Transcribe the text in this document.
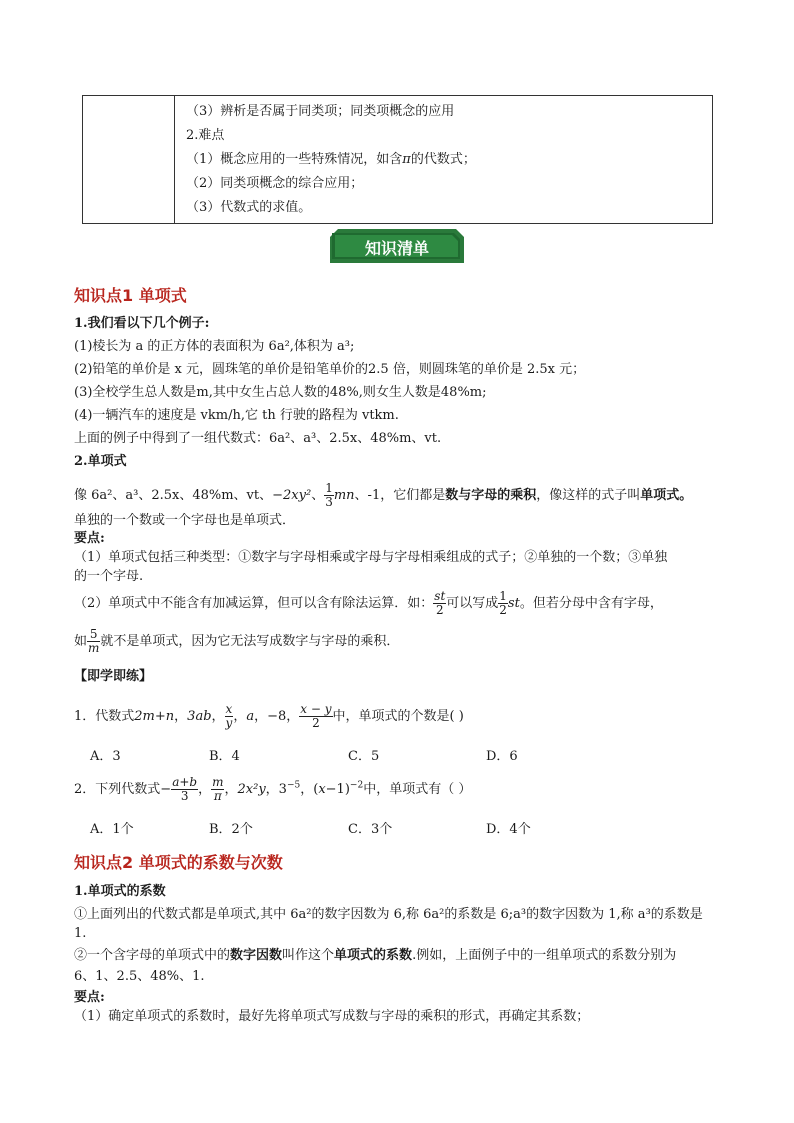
（3）辨析是否属于同类项；同类项概念的应用
2.难点
（1）概念应用的一些特殊情况，如含π的代数式；
（2）同类项概念的综合应用；
（3）代数式的求值。
知识清单
知识点1 单项式
1.我们看以下几个例子:
(1)棱长为 a 的正方体的表面积为 6a²,体积为 a³;
(2)铅笔的单价是 x 元，圆珠笔的单价是铅笔单价的2.5 倍，则圆珠笔的单价是 2.5x 元；
(3)全校学生总人数是m,其中女生占总人数的48%,则女生人数是48%m;
(4)一辆汽车的速度是 vkm/h,它 th 行驶的路程为 vtkm.
上面的例子中得到了一组代数式：6a²、a³、2.5x、48%m、vt.
2.单项式
像 6a²、a³、2.5x、48%m、vt、−2xy²、 $\frac{1}{3}$ mn、-1，它们都是数与字母的乘积，像这样的式子叫单项式。
单独的一个数或一个字母也是单项式．
要点:
（1）单项式包括三种类型：①数字与字母相乘或字母与字母相乘组成的式子；②单独的一个数；③单独
的一个字母.
（2）单项式中不能含有加减运算，但可以含有除法运算．如： $\frac{st}{2}$ 可以写成 $\frac{1}{2}$ st。但若分母中含有字母，
如 $\frac{5}{m}$ 就不是单项式，因为它无法写成数字与字母的乘积．
【即学即练】
1．代数式2m+n，3ab， $\frac{x}{y}$ ，a，−8， $\frac{x - y}{2}$ 中，单项式的个数是( )
A．3	B．4	C．5	D．6
2．下列代数式− $\frac{a+b}{3}$ ， $\frac{m}{\pi}$ ，2x²y，$3^{-5}$，$(x-1)^{-2}$中，单项式有（ ）
A．1个	B．2个	C．3个	D．4个
知识点2 单项式的系数与次数
1.单项式的系数
①上面列出的代数式都是单项式,其中 6a²的数字因数为 6,称 6a²的系数是 6;a³的数字因数为 1,称 a³的系数是
1.
②一个含字母的单项式中的数字因数叫作这个单项式的系数.例如，上面例子中的一组单项式的系数分别为
6、1、2.5、48%、1.
要点:
（1）确定单项式的系数时，最好先将单项式写成数与字母的乘积的形式，再确定其系数；
